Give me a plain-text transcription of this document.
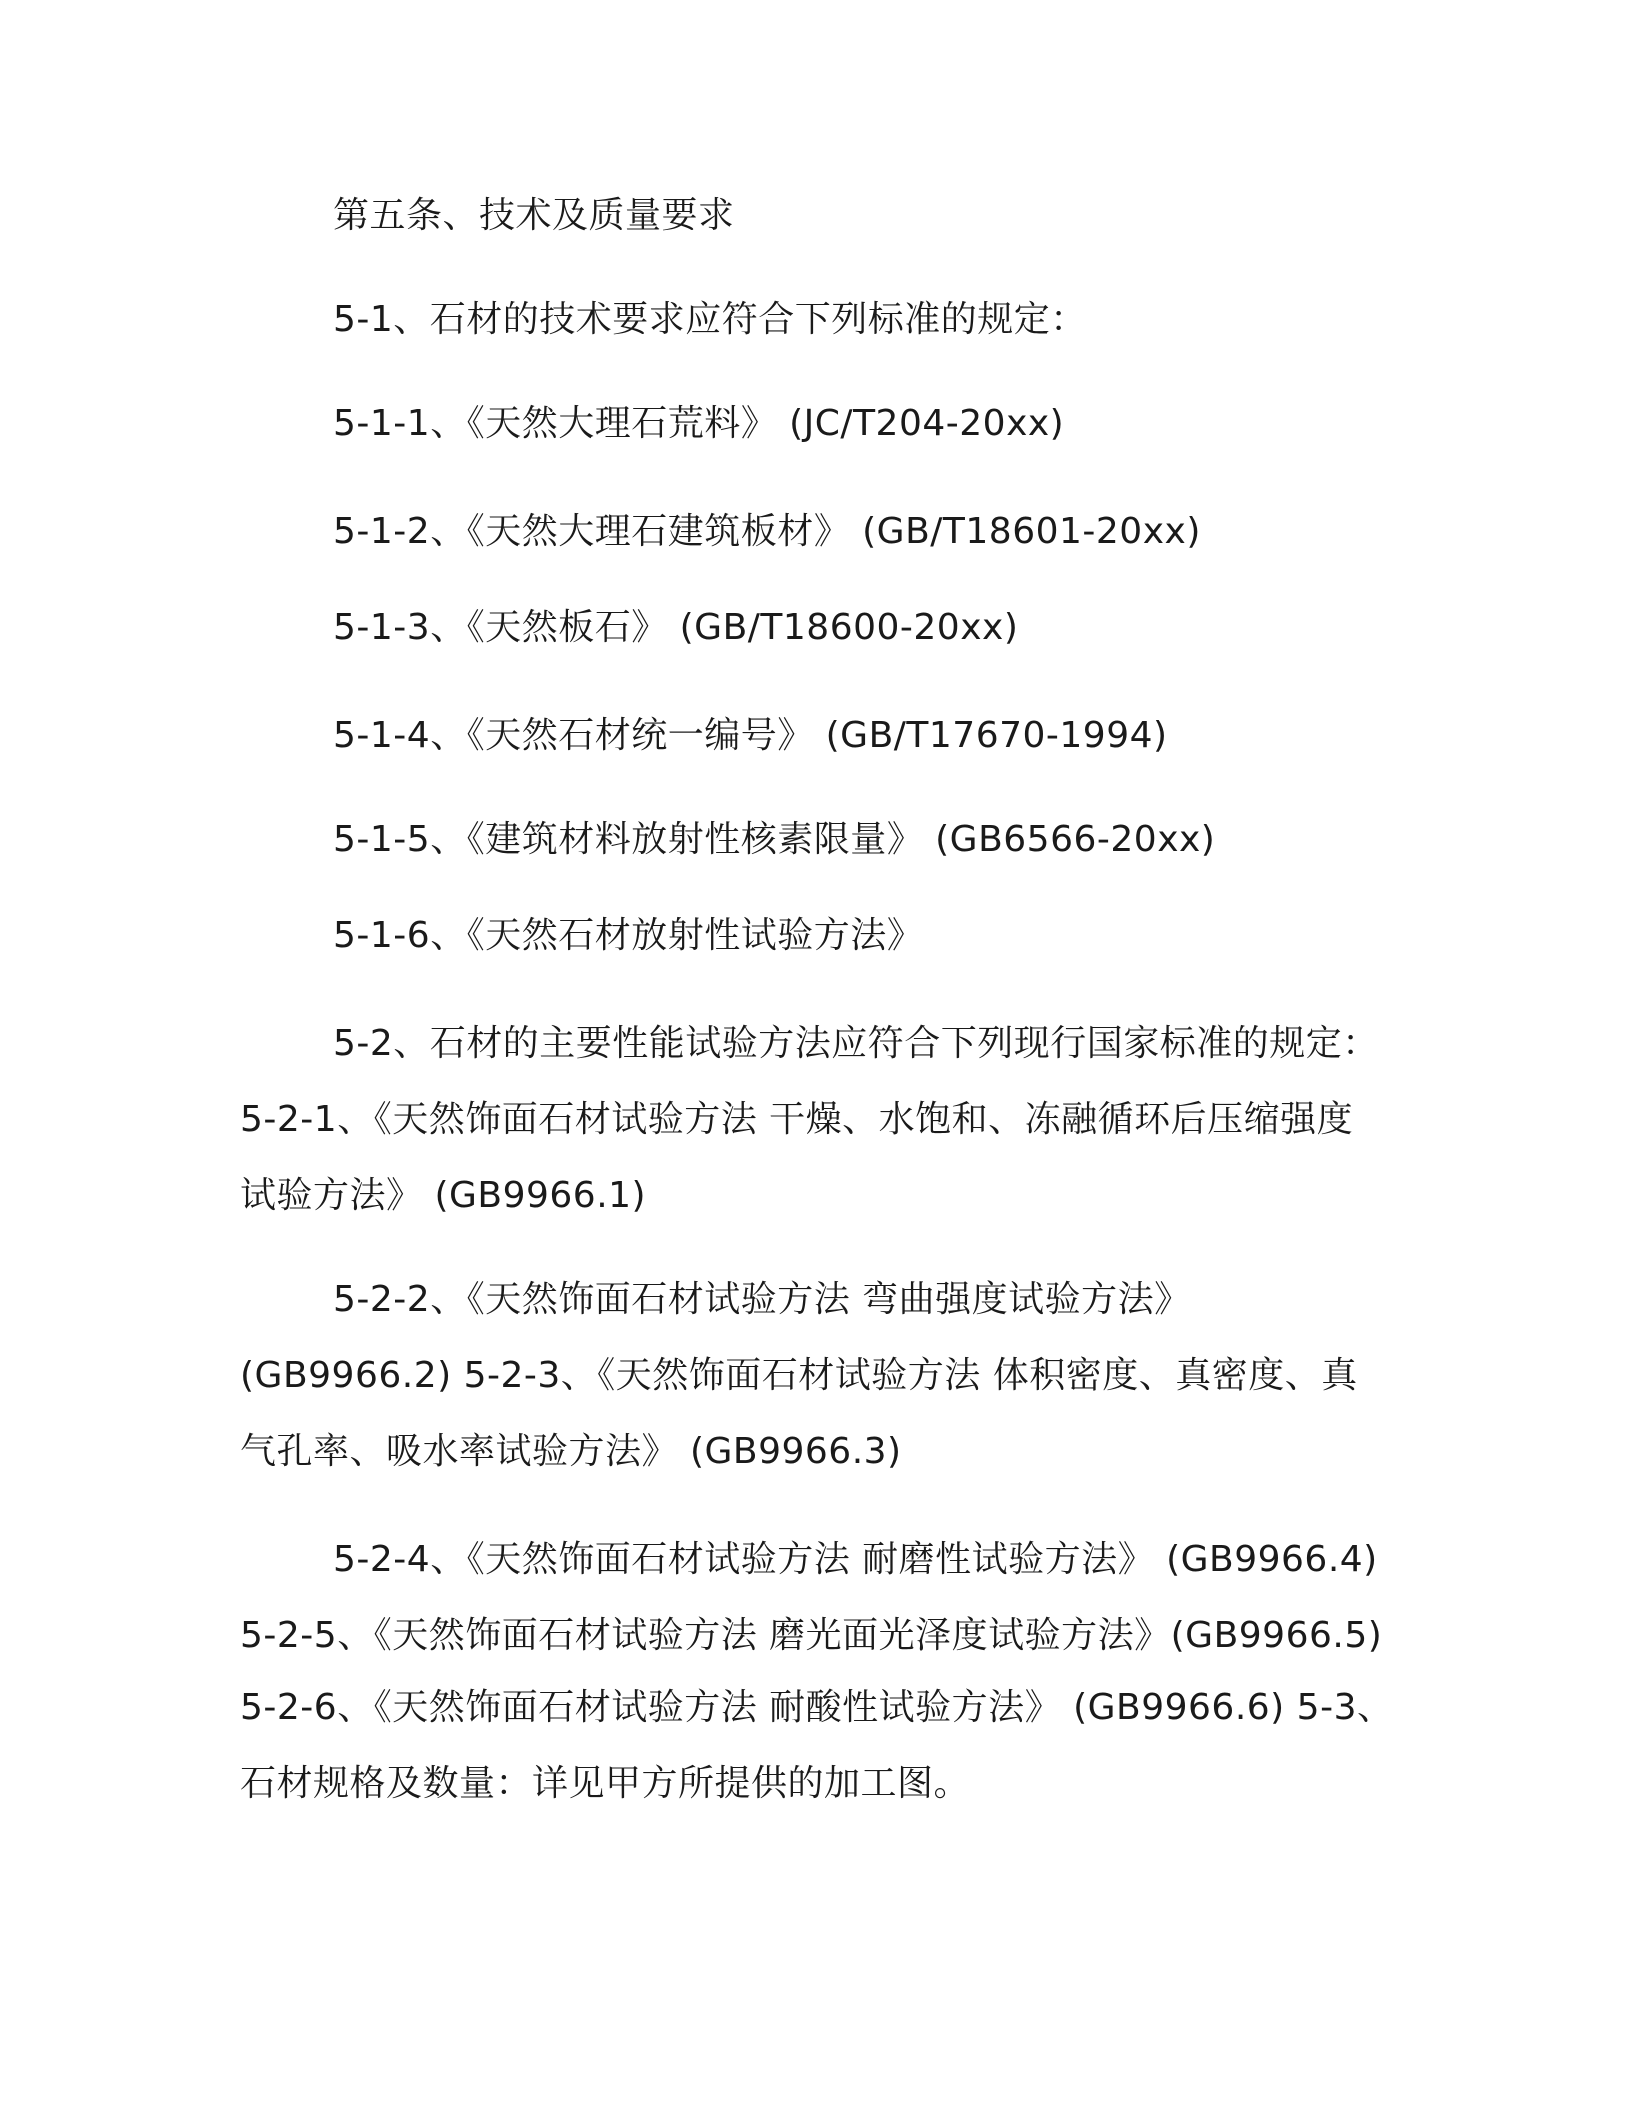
第五条、技术及质量要求
5-1、石材的技术要求应符合下列标准的规定：
5-1-1、《天然大理石荒料》 (JC/T204-20xx)
5-1-2、《天然大理石建筑板材》 (GB/T18601-20xx)
5-1-3、《天然板石》 (GB/T18600-20xx)
5-1-4、《天然石材统一编号》 (GB/T17670-1994)
5-1-5、《建筑材料放射性核素限量》 (GB6566-20xx)
5-1-6、《天然石材放射性试验方法》
5-2、石材的主要性能试验方法应符合下列现行国家标准的规定：
5-2-1、《天然饰面石材试验方法 干燥、水饱和、冻融循环后压缩强度
试验方法》 (GB9966.1)
5-2-2、《天然饰面石材试验方法 弯曲强度试验方法》
(GB9966.2) 5-2-3、《天然饰面石材试验方法 体积密度、真密度、真
气孔率、吸水率试验方法》 (GB9966.3)
5-2-4、《天然饰面石材试验方法 耐磨性试验方法》 (GB9966.4)
5-2-5、《天然饰面石材试验方法 磨光面光泽度试验方法》(GB9966.5)
5-2-6、《天然饰面石材试验方法 耐酸性试验方法》 (GB9966.6) 5-3、
石材规格及数量：详见甲方所提供的加工图。
